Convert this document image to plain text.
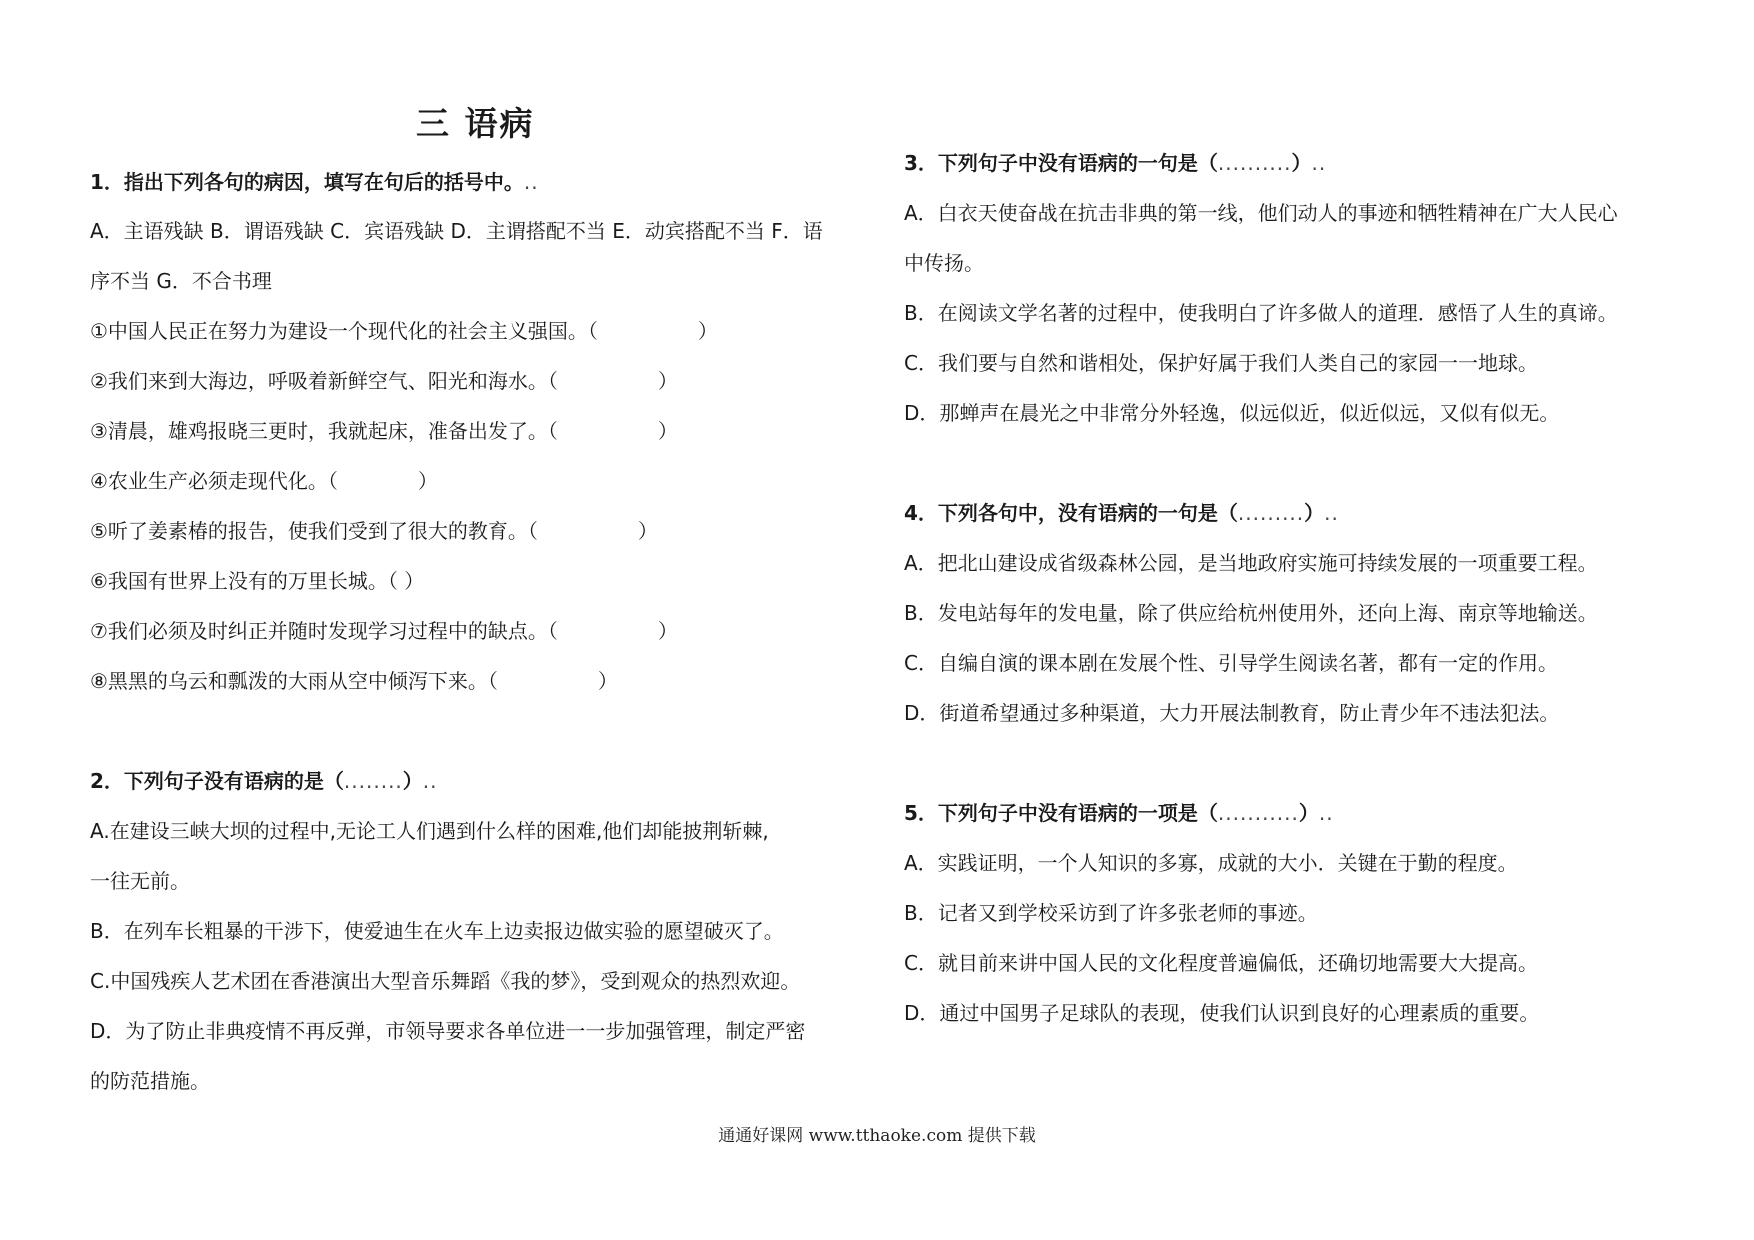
三 语病
1．指出下列各句的病因，填写在句后的括号中。..
A．主语残缺 B．谓语残缺 C．宾语残缺 D．主谓搭配不当 E．动宾搭配不当 F．语
序不当 G．不合书理
①中国人民正在努力为建设一个现代化的社会主义强国。（　　　　　）
②我们来到大海边，呼吸着新鲜空气、阳光和海水。（　　　　　）
③清晨，雄鸡报晓三更时，我就起床，准备出发了。（　　　　　）
④农业生产必须走现代化。（　　　　）
⑤听了姜素椿的报告，使我们受到了很大的教育。（　　　　　）
⑥我国有世界上没有的万里长城。（ ）
⑦我们必须及时纠正并随时发现学习过程中的缺点。（　　　　　）
⑧黑黑的乌云和瓢泼的大雨从空中倾泻下来。（　　　　　）
2．下列句子没有语病的是（........）..
A.在建设三峡大坝的过程中,无论工人们遇到什么样的困难,他们却能披荆斩棘,
一往无前。
B．在列车长粗暴的干涉下，使爱迪生在火车上边卖报边做实验的愿望破灭了。
C.中国残疾人艺术团在香港演出大型音乐舞蹈《我的梦》，受到观众的热烈欢迎。
D．为了防止非典疫情不再反弹，市领导要求各单位进一一步加强管理，制定严密
的防范措施。
3．下列句子中没有语病的一句是（..........）..
A．白衣天使奋战在抗击非典的第一线，他们动人的事迹和牺牲精神在广大人民心
中传扬。
B．在阅读文学名著的过程中，使我明白了许多做人的道理．感悟了人生的真谛。
C．我们要与自然和谐相处，保护好属于我们人类自己的家园一一地球。
D．那蝉声在晨光之中非常分外轻逸，似远似近，似近似远，又似有似无。
4．下列各句中，没有语病的一句是（.........）..
A．把北山建设成省级森林公园，是当地政府实施可持续发展的一项重要工程。
B．发电站每年的发电量，除了供应给杭州使用外，还向上海、南京等地输送。
C．自编自演的课本剧在发展个性、引导学生阅读名著，都有一定的作用。
D．街道希望通过多种渠道，大力开展法制教育，防止青少年不违法犯法。
5．下列句子中没有语病的一项是（...........）..
A．实践证明，一个人知识的多寡，成就的大小．关键在于勤的程度。
B．记者又到学校采访到了许多张老师的事迹。
C．就目前来讲中国人民的文化程度普遍偏低，还确切地需要大大提高。
D．通过中国男子足球队的表现，使我们认识到良好的心理素质的重要。
通通好课网 www.tthaoke.com 提供下载
